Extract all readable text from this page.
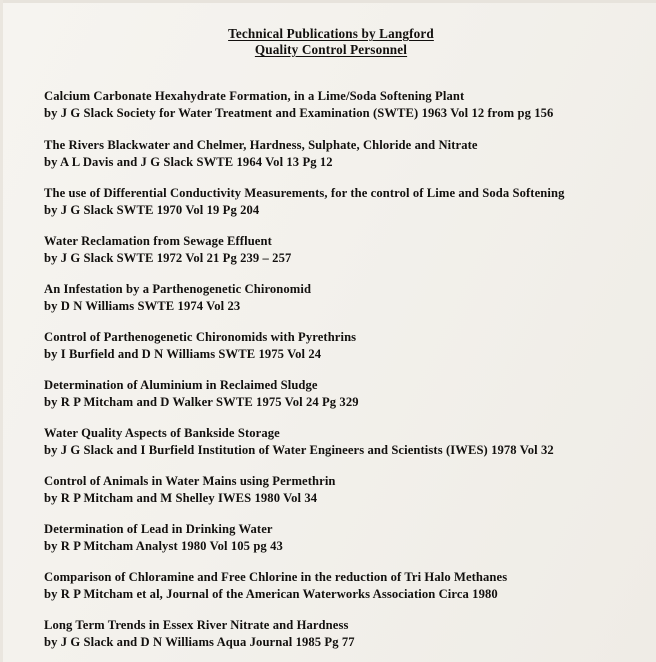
Technical Publications by Langford
Quality Control Personnel
Calcium Carbonate Hexahydrate Formation, in a Lime/Soda Softening Plant
by J G Slack Society for Water Treatment and Examination (SWTE) 1963 Vol 12 from pg 156
The Rivers Blackwater and Chelmer, Hardness, Sulphate, Chloride and Nitrate
by A L Davis and J G Slack SWTE 1964 Vol 13 Pg 12
The use of Differential Conductivity Measurements, for the control of Lime and Soda Softening
by J G Slack SWTE 1970 Vol 19 Pg 204
Water Reclamation from Sewage Effluent
by J G Slack SWTE 1972 Vol 21 Pg 239 – 257
An Infestation by a Parthenogenetic Chironomid
by D N Williams SWTE 1974 Vol 23
Control of Parthenogenetic Chironomids with Pyrethrins
by I Burfield and D N Williams SWTE 1975 Vol 24
Determination of Aluminium in Reclaimed Sludge
by R P Mitcham and D Walker SWTE 1975 Vol 24 Pg 329
Water Quality Aspects of Bankside Storage
by J G Slack and I Burfield Institution of Water Engineers and Scientists (IWES) 1978 Vol 32
Control of Animals in Water Mains using Permethrin
by R P Mitcham and M Shelley IWES 1980 Vol 34
Determination of Lead in Drinking Water
by R P Mitcham Analyst 1980 Vol 105 pg 43
Comparison of Chloramine and Free Chlorine in the reduction of Tri Halo Methanes
by R P Mitcham et al, Journal of the American Waterworks Association Circa 1980
Long Term Trends in Essex River Nitrate and Hardness
by J G Slack and D N Williams Aqua Journal 1985 Pg 77
